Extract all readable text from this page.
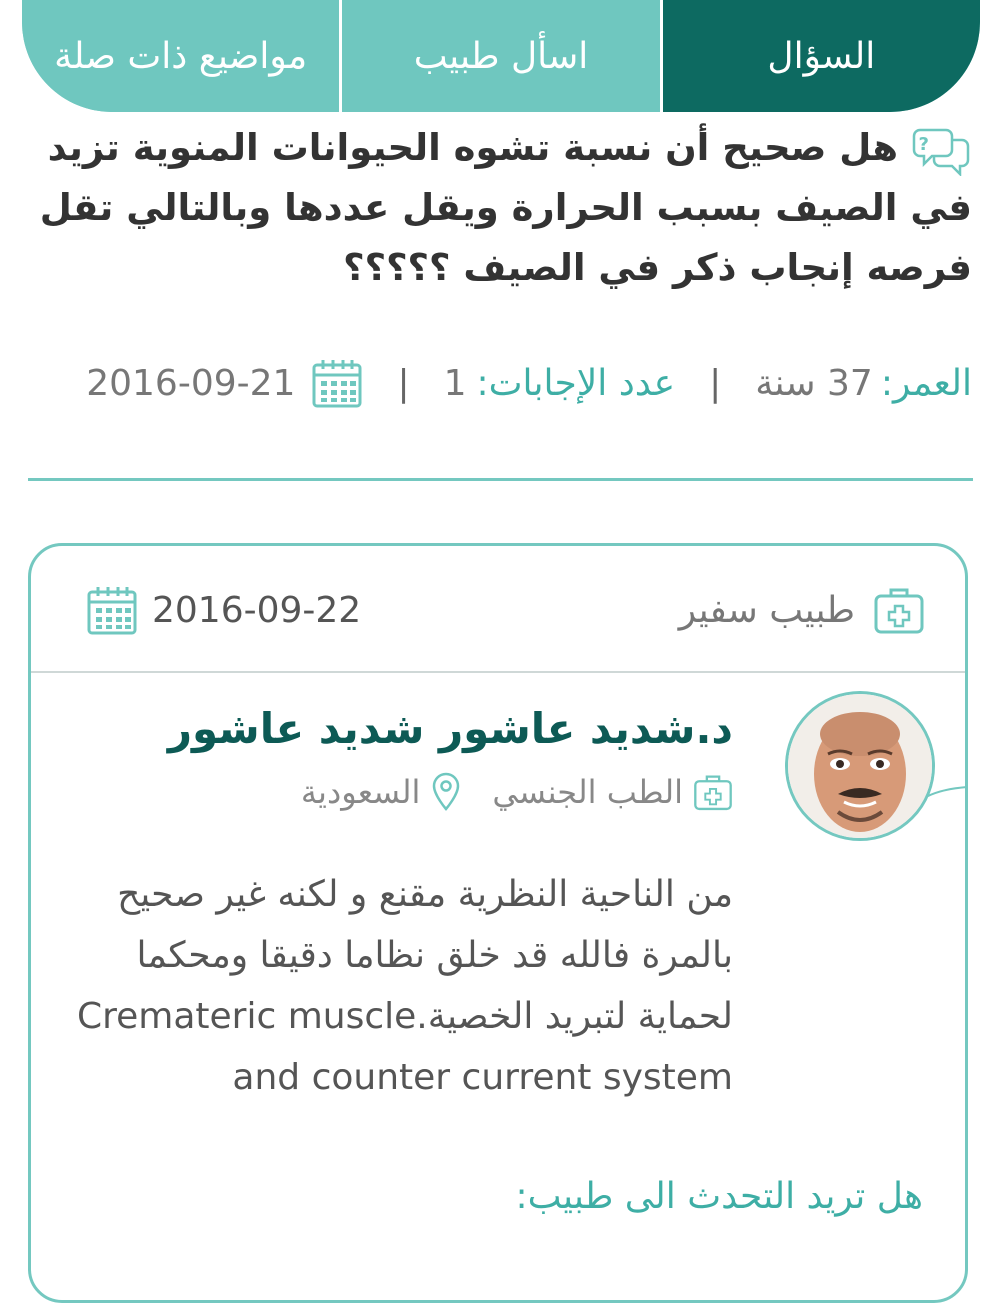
السؤال
اسأل طبيب
مواضيع ذات صلة
?
هل صحيح أن نسبة تشوه الحيوانات المنوية تزيد في الصيف بسبب الحرارة ويقل عددها وبالتالي تقل فرصه إنجاب ذكر في الصيف ؟؟؟؟؟
العمر:
37 سنة
|
عدد الإجابات:
1
|
2016-09-21
طبيب سفير
2016-09-22
د.شديد عاشور شديد عاشور
الطب الجنسي
السعودية
من الناحية النظرية مقنع و لكنه غير صحيح
بالمرة فالله قد خلق نظاما دقيقا ومحكما
لحماية لتبريد الخصية.Cremateric muscle
and counter current system
هل تريد التحدث الى طبيب:
